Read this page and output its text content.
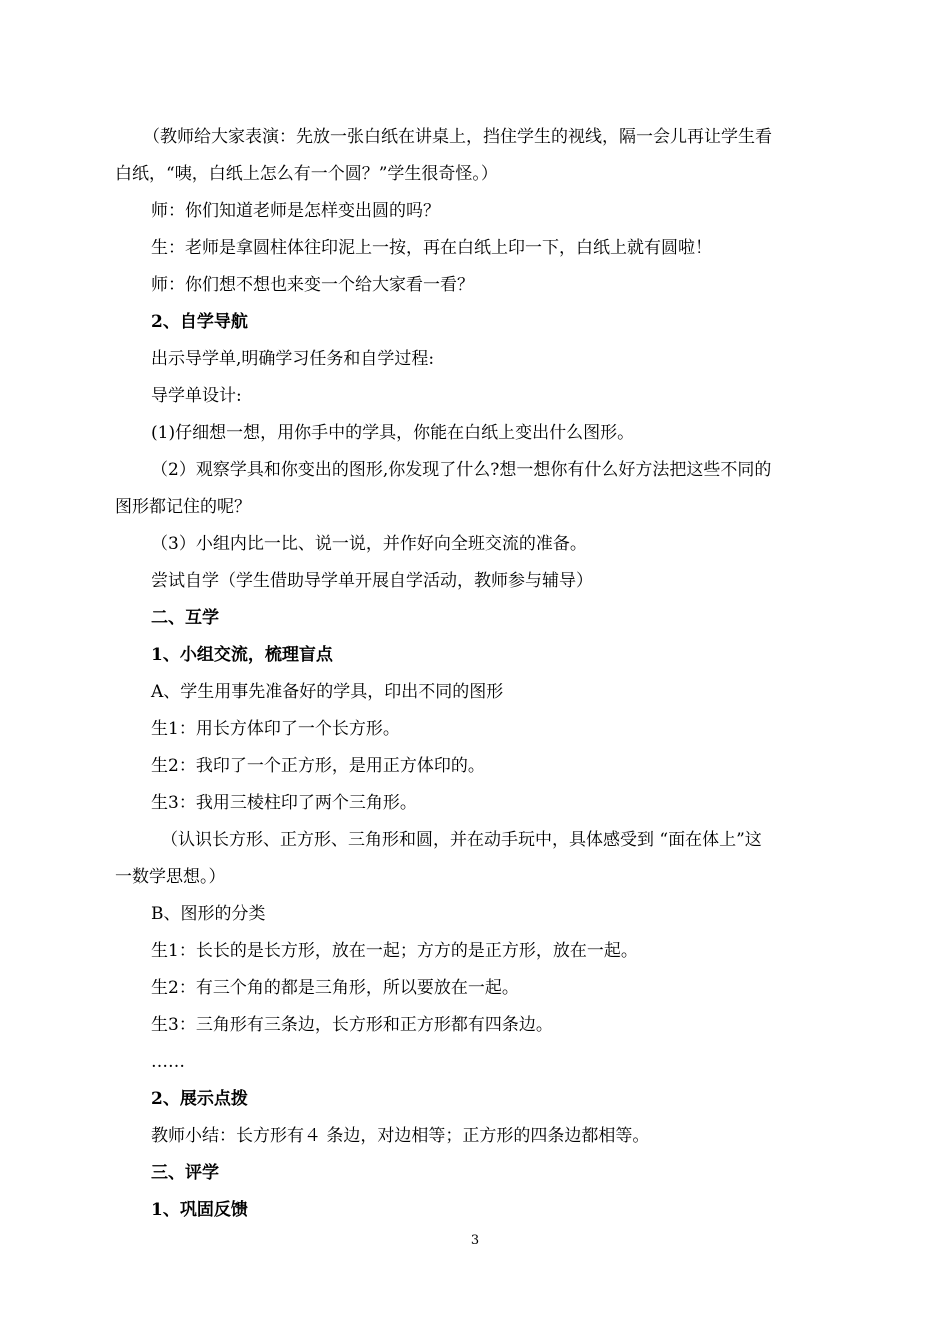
（教师给大家表演：先放一张白纸在讲桌上，挡住学生的视线，隔一会儿再让学生看

白纸，“咦，白纸上怎么有一个圆？”学生很奇怪。）

师：你们知道老师是怎样变出圆的吗？

生：老师是拿圆柱体往印泥上一按，再在白纸上印一下，白纸上就有圆啦！

师：你们想不想也来变一个给大家看一看？

2、自学导航

出示导学单,明确学习任务和自学过程:

导学单设计:

(1)仔细想一想，用你手中的学具，你能在白纸上变出什么图形。

（2）观察学具和你变出的图形,你发现了什么?想一想你有什么好方法把这些不同的

图形都记住的呢？

（3）小组内比一比、说一说，并作好向全班交流的准备。

尝试自学（学生借助导学单开展自学活动，教师参与辅导）

二、互学

1、小组交流，梳理盲点

A、学生用事先准备好的学具，印出不同的图形

生1：用长方体印了一个长方形。

生2：我印了一个正方形，是用正方体印的。

生3：我用三棱柱印了两个三角形。

（认识长方形、正方形、三角形和圆，并在动手玩中，具体感受到 “面在体上”这

一数学思想。）

B、图形的分类

生1：长长的是长方形，放在一起；方方的是正方形，放在一起。

生2：有三个角的都是三角形，所以要放在一起。

生3：三角形有三条边，长方形和正方形都有四条边。

……

2、展示点拨

教师小结：长方形有４ 条边，对边相等；正方形的四条边都相等。

三、评学

1、巩固反馈

3
